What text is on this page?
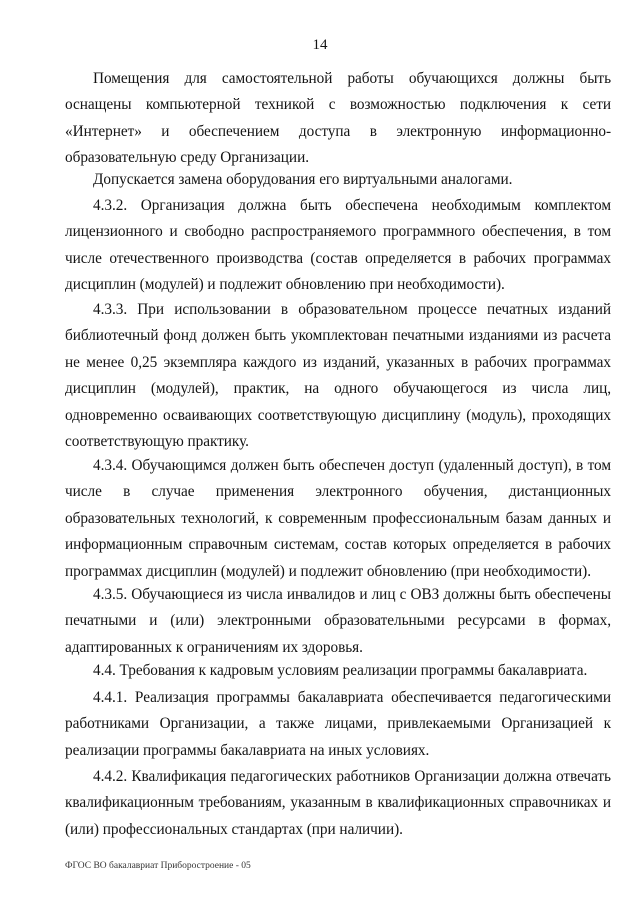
14

Помещения для самостоятельной работы обучающихся должны быть оснащены компьютерной техникой с возможностью подключения к сети «Интернет» и обеспечением доступа в электронную информационно-образовательную среду Организации.

Допускается замена оборудования его виртуальными аналогами.

4.3.2. Организация должна быть обеспечена необходимым комплектом лицензионного и свободно распространяемого программного обеспечения, в том числе отечественного производства (состав определяется в рабочих программах дисциплин (модулей) и подлежит обновлению при необходимости).

4.3.3. При использовании в образовательном процессе печатных изданий библиотечный фонд должен быть укомплектован печатными изданиями из расчета не менее 0,25 экземпляра каждого из изданий, указанных в рабочих программах дисциплин (модулей), практик, на одного обучающегося из числа лиц, одновременно осваивающих соответствующую дисциплину (модуль), проходящих соответствующую практику.

4.3.4. Обучающимся должен быть обеспечен доступ (удаленный доступ), в том числе в случае применения электронного обучения, дистанционных образовательных технологий, к современным профессиональным базам данных и информационным справочным системам, состав которых определяется в рабочих программах дисциплин (модулей) и подлежит обновлению (при необходимости).

4.3.5. Обучающиеся из числа инвалидов и лиц с ОВЗ должны быть обеспечены печатными и (или) электронными образовательными ресурсами в формах, адаптированных к ограничениям их здоровья.

4.4. Требования к кадровым условиям реализации программы бакалавриата.

4.4.1. Реализация программы бакалавриата обеспечивается педагогическими работниками Организации, а также лицами, привлекаемыми Организацией к реализации программы бакалавриата на иных условиях.

4.4.2. Квалификация педагогических работников Организации должна отвечать квалификационным требованиям, указанным в квалификационных справочниках и (или) профессиональных стандартах (при наличии).

ФГОС ВО бакалавриат Приборостроение - 05
